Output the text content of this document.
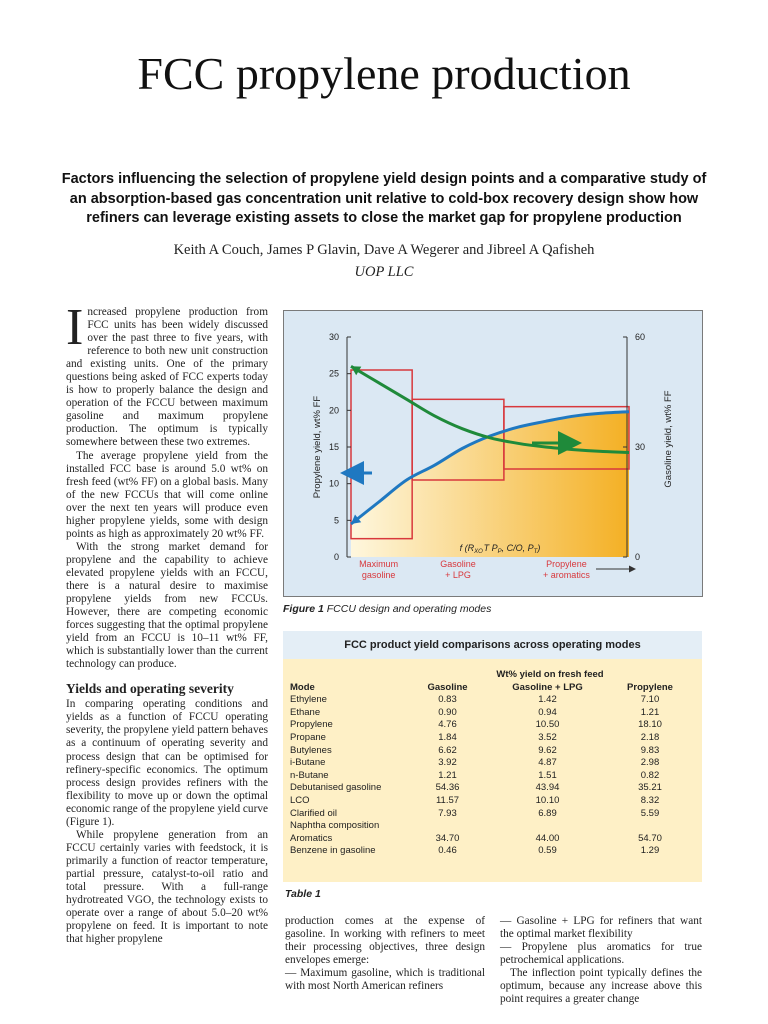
FCC propylene production
Factors influencing the selection of propylene yield design points and a comparative study of an absorption-based gas concentration unit relative to cold-box recovery design show how refiners can leverage existing assets to close the market gap for propylene production
Keith A Couch, James P Glavin, Dave A Wegerer and Jibreel A Qafisheh
UOP LLC

Increased propylene production from FCC units has been widely discussed over the past three to five years, with reference to both new unit construction and existing units. One of the primary questions being asked of FCC experts today is how to properly balance the design and operation of the FCCU between maximum gasoline and maximum propylene production. The optimum is typically somewhere between these two extremes.

The average propylene yield from the installed FCC base is around 5.0 wt% on fresh feed (wt% FF) on a global basis. Many of the new FCCUs that will come online over the next ten years will produce even higher propylene yields, some with design points as high as approximately 20 wt% FF.

With the strong market demand for propylene and the capability to achieve elevated propylene yields with an FCCU, there is a natural desire to maximise propylene yields from new FCCUs. However, there are competing economic forces suggesting that the optimal propylene yield from an FCCU is 10–11 wt% FF, which is substantially lower than the current technology can produce.

Yields and operating severity

In comparing operating conditions and yields as a function of FCCU operating severity, the propylene yield pattern behaves as a continuum of operating severity and process design that can be optimised for refinery-specific economics. The optimum process design provides refiners with the flexibility to move up or down the optimal economic range of the propylene yield curve (Figure 1).

While propylene generation from an FCCU certainly varies with feedstock, it is primarily a function of reactor temperature, partial pressure, catalyst-to-oil ratio and total pressure. With a full-range hydrotreated VGO, the technology exists to operate over a range of about 5.0–20 wt% propylene on feed. It is important to note that higher propylene

0
5
10
15
20
25
30
0
30
60
Propylene yield, wt% FF	Gasoline yield, wt% FF
f ($R_{XO}$ T $P_P$, C/O, $P_T$)
Maximum gasoline
Gasoline + LPG
Propylene + aromatics
Figure 1 FCCU design and operating modes
FCC product yield comparisons across operating modes
	Wt% yield on fresh feed		
Mode	Gasoline	Gasoline + LPG	Propylene
Ethylene	0.83	1.42	7.10
Ethane	0.90	0.94	1.21
Propylene	4.76	10.50	18.10
Propane	1.84	3.52	2.18
Butylenes	6.62	9.62	9.83
i-Butane	3.92	4.87	2.98
n-Butane	1.21	1.51	0.82
Debutanised gasoline	54.36	43.94	35.21
LCO	11.57	10.10	8.32
Clarified oil	7.93	6.89	5.59

Naphtha composition			
Aromatics	34.70	44.00	54.70
Benzene in gasoline	0.46	0.59	1.29
Table 1

production comes at the expense of gasoline. In working with refiners to meet their processing objectives, three design envelopes emerge:

— Maximum gasoline, which is traditional with most North American refiners

— Gasoline + LPG for refiners that want the optimal market flexibility

— Propylene plus aromatics for true petrochemical applications.

The inflection point typically defines the optimum, because any increase above this point requires a greater change
